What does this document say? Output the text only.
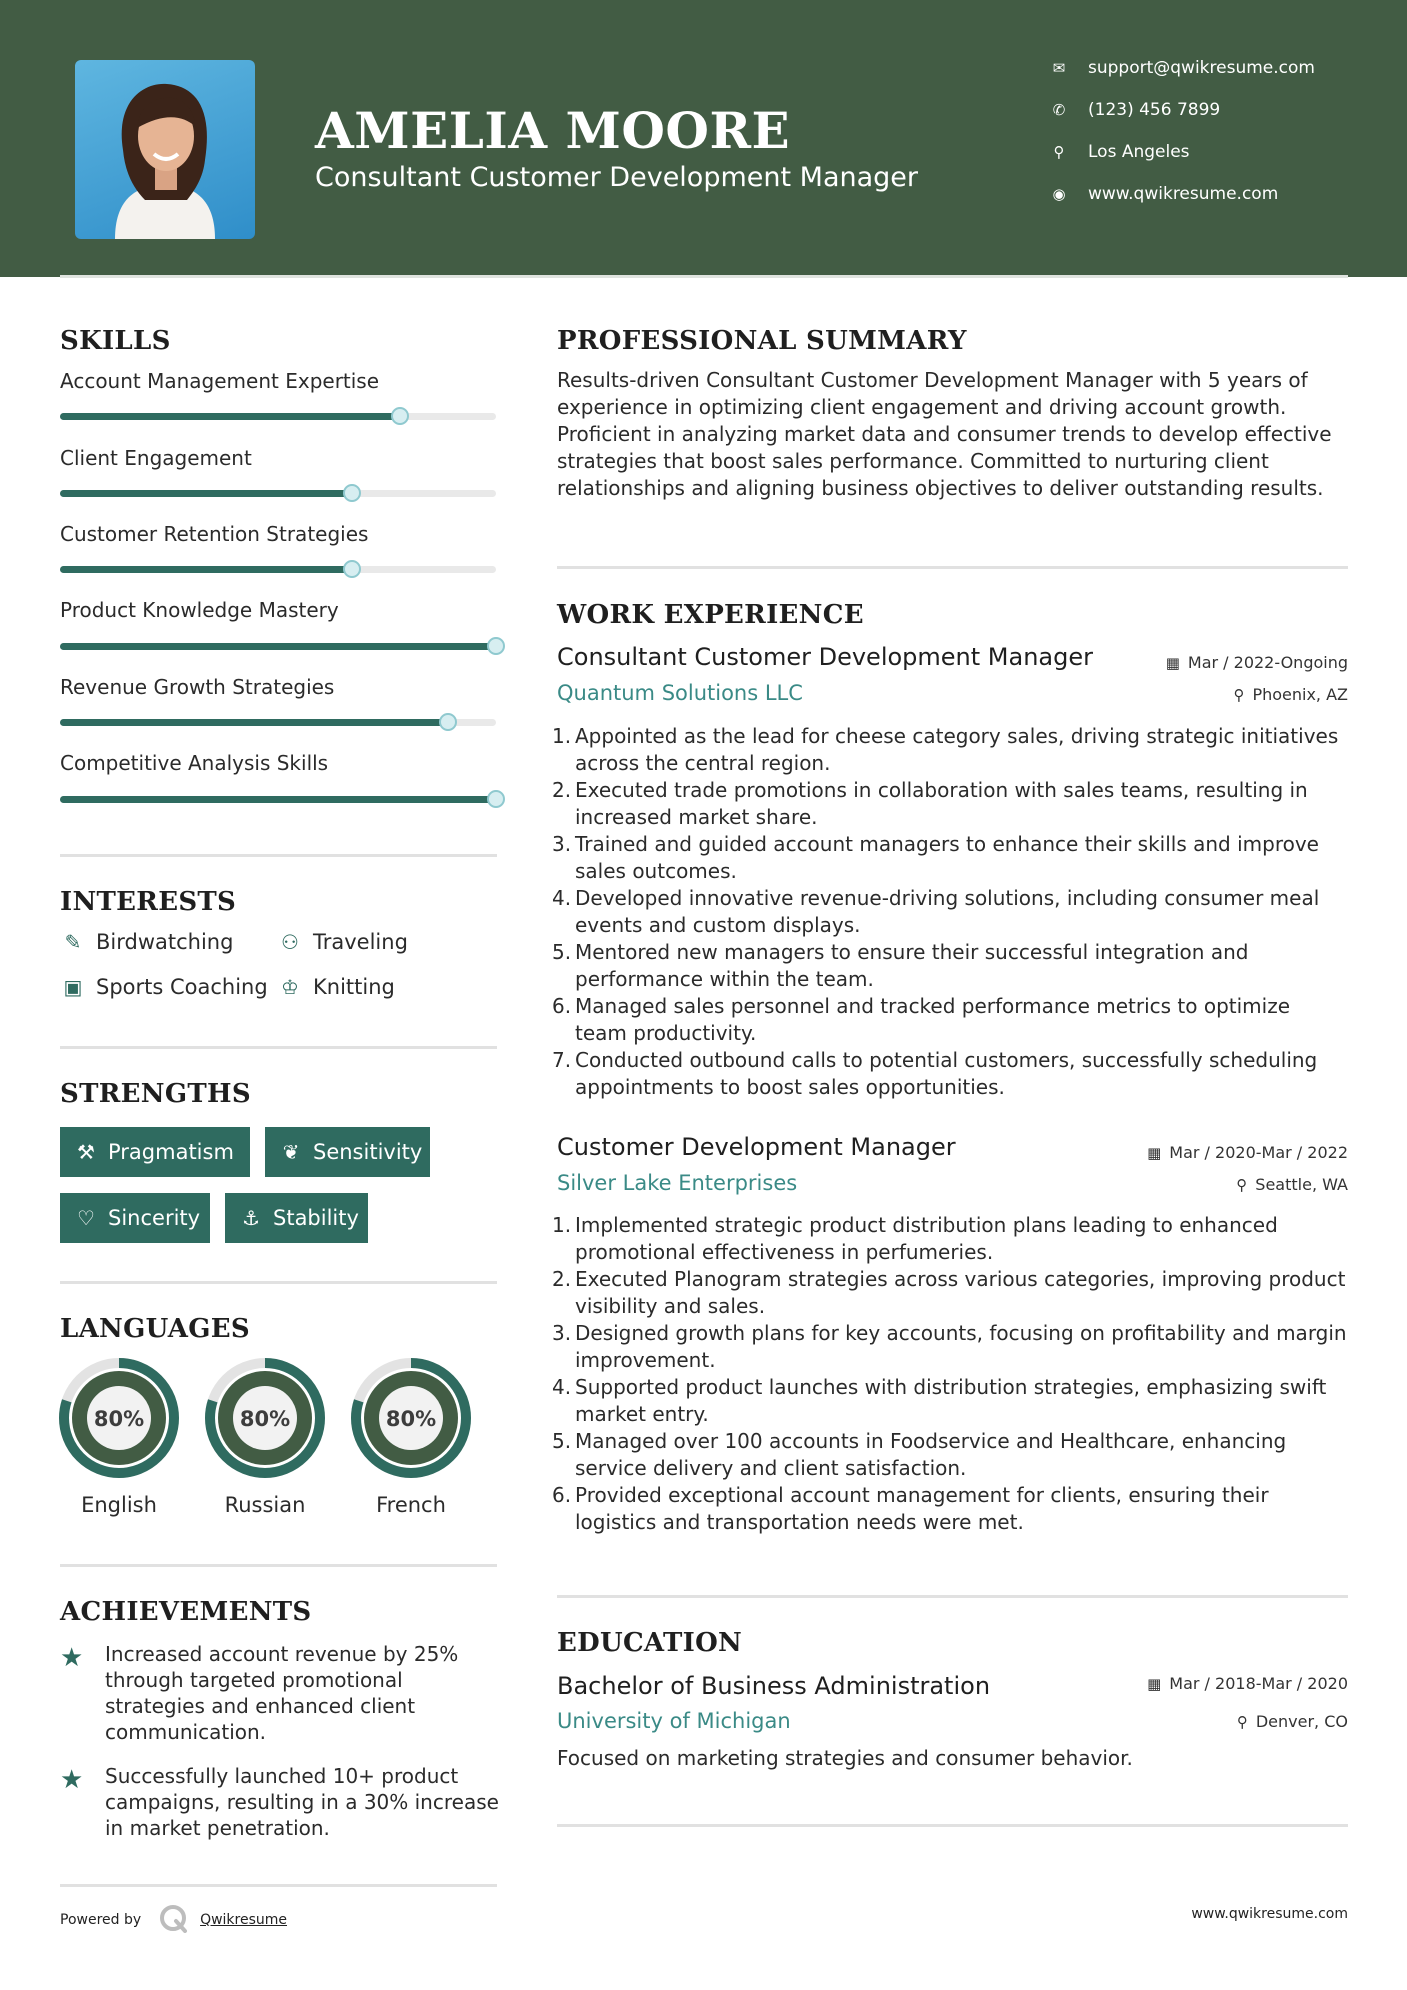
AMELIA MOORE
Consultant Customer Development Manager
✉ support@qwikresume.com
✆ (123) 456 7899
⚲ Los Angeles
◉ www.qwikresume.com
SKILLS
Account Management Expertise
Client Engagement
Customer Retention Strategies
Product Knowledge Mastery
Revenue Growth Strategies
Competitive Analysis Skills
INTERESTS
✎ Birdwatching ⚇ Traveling
▣ Sports Coaching ♔ Knitting
STRENGTHS
⚒ Pragmatism	❦ Sensitivity
♡ Sincerity	⚓ Stability
LANGUAGES
80%
English
80%
Russian
80%
French
ACHIEVEMENTS
★ Increased account revenue by 25% through targeted promotional strategies and enhanced client communication.
★ Successfully launched 10+ product campaigns, resulting in a 30% increase in market penetration.
PROFESSIONAL SUMMARY

Results-driven Consultant Customer Development Manager with 5 years of experience in optimizing client engagement and driving account growth. Proficient in analyzing market data and consumer trends to develop effective strategies that boost sales performance. Committed to nurturing client relationships and aligning business objectives to deliver outstanding results.

WORK EXPERIENCE
Consultant Customer Development Manager	▦ Mar / 2022-Ongoing
Quantum Solutions LLC	⚲ Phoenix, AZ
1. Appointed as the lead for cheese category sales, driving strategic initiatives across the central region.
2. Executed trade promotions in collaboration with sales teams, resulting in increased market share.
3. Trained and guided account managers to enhance their skills and improve sales outcomes.
4. Developed innovative revenue-driving solutions, including consumer meal events and custom displays.
5. Mentored new managers to ensure their successful integration and performance within the team.
6. Managed sales personnel and tracked performance metrics to optimize team productivity.
7. Conducted outbound calls to potential customers, successfully scheduling appointments to boost sales opportunities.
Customer Development Manager	▦ Mar / 2020-Mar / 2022
Silver Lake Enterprises	⚲ Seattle, WA
1. Implemented strategic product distribution plans leading to enhanced promotional effectiveness in perfumeries.
2. Executed Planogram strategies across various categories, improving product visibility and sales.
3. Designed growth plans for key accounts, focusing on profitability and margin improvement.
4. Supported product launches with distribution strategies, emphasizing swift market entry.
5. Managed over 100 accounts in Foodservice and Healthcare, enhancing service delivery and client satisfaction.
6. Provided exceptional account management for clients, ensuring their logistics and transportation needs were met.
EDUCATION
Bachelor of Business Administration	▦ Mar / 2018-Mar / 2020
University of Michigan	⚲ Denver, CO
Focused on marketing strategies and consumer behavior.
Powered by	Qwikresume	www.qwikresume.com
